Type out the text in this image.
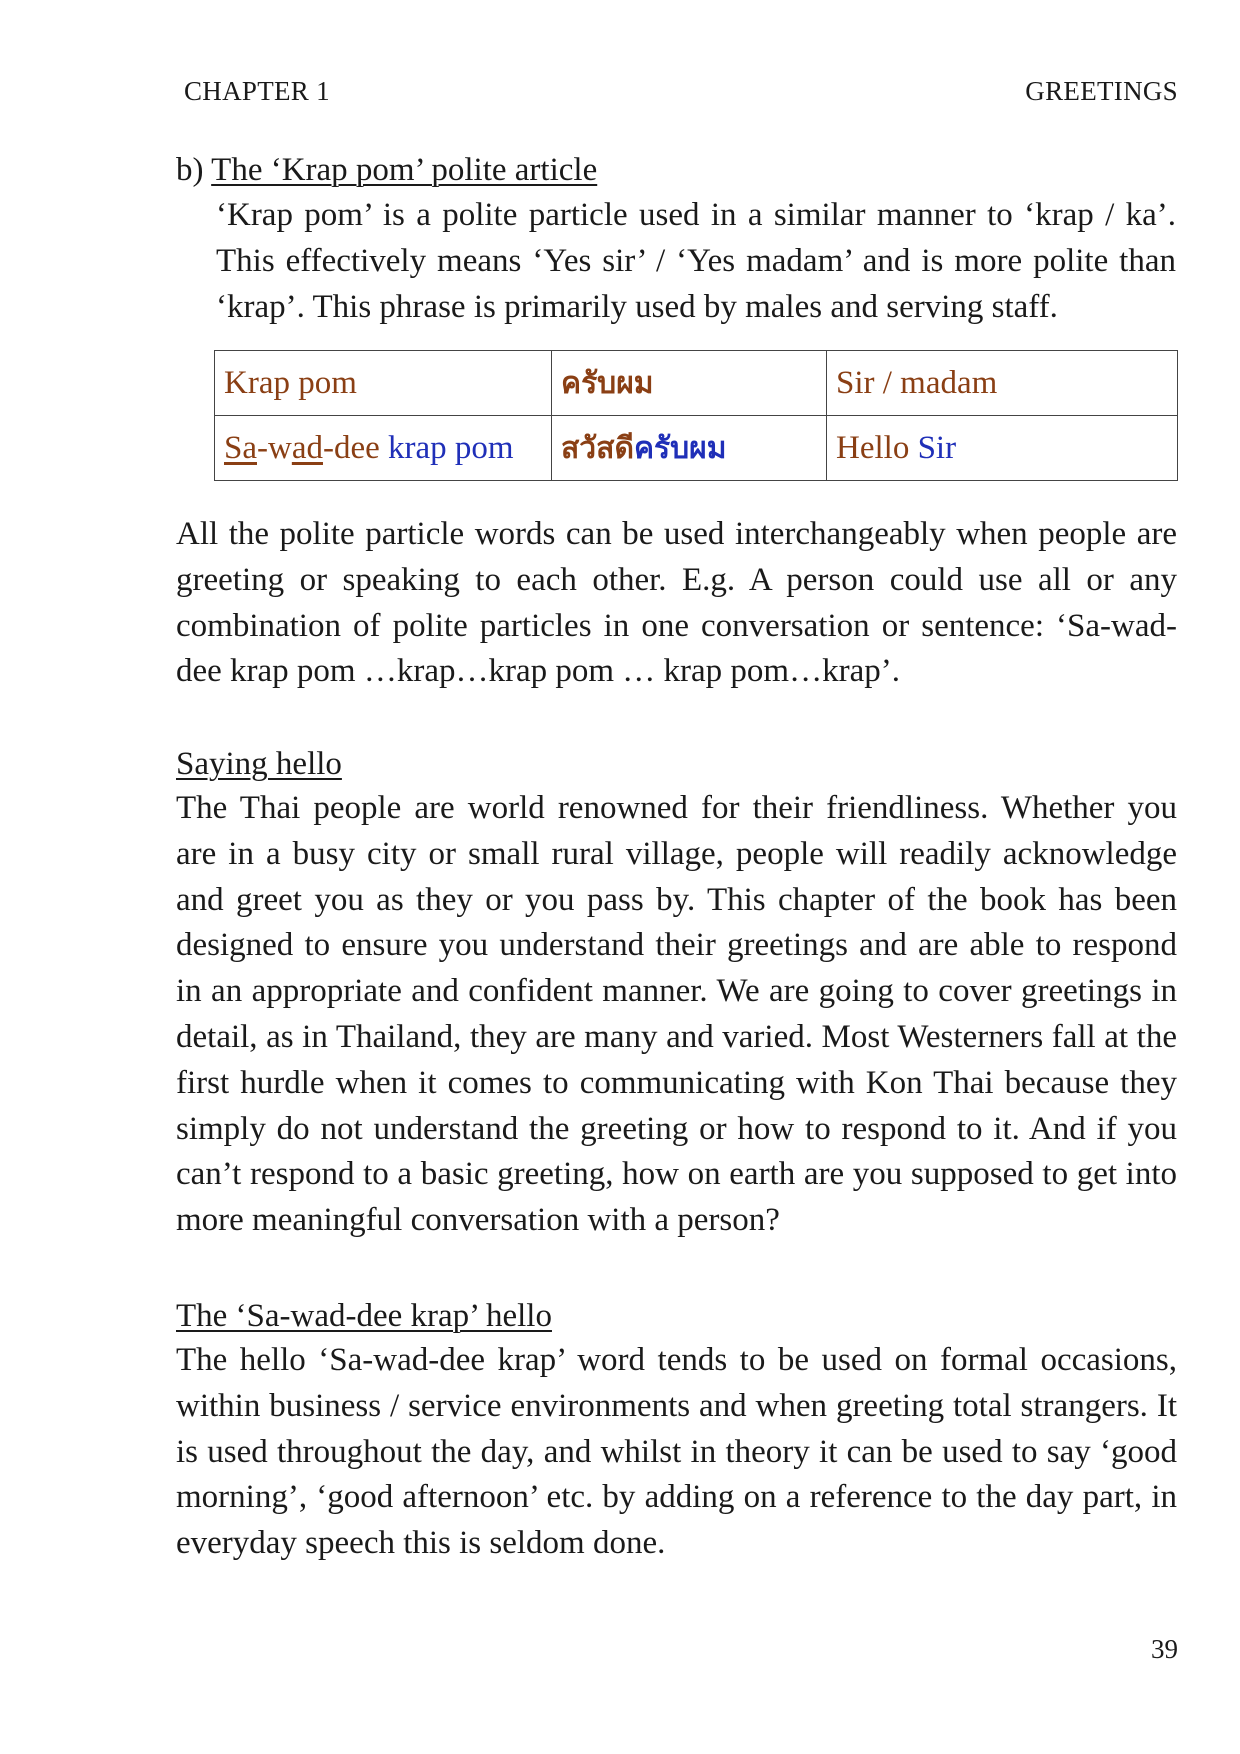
CHAPTER 1	GREETINGS
b) The ‘Krap pom’ polite article

‘Krap pom’ is a polite particle used in a similar manner to ‘krap / ka’. This effectively means ‘Yes sir’ / ‘Yes madam’ and is more polite than ‘krap’. This phrase is primarily used by males and serving staff.

Krap pom	ครับผม	Sir / madam
Sa-wad-dee krap pom	สวัสดีครับผม	Hello Sir

All the polite particle words can be used interchangeably when people are greeting or speaking to each other. E.g. A person could use all or any combination of polite particles in one conversation or sentence: ‘Sa-wad-dee krap pom …krap…krap pom … krap pom…krap’.

Saying hello

The Thai people are world renowned for their friendliness. Whether you are in a busy city or small rural village, people will readily acknowledge and greet you as they or you pass by. This chapter of the book has been designed to ensure you understand their greetings and are able to respond in an appropriate and confident manner. We are going to cover greetings in detail, as in Thailand, they are many and varied. Most Westerners fall at the first hurdle when it comes to communicating with Kon Thai because they simply do not understand the greeting or how to respond to it. And if you can’t respond to a basic greeting, how on earth are you supposed to get into more meaningful conversation with a person?

The ‘Sa-wad-dee krap’ hello

The hello ‘Sa-wad-dee krap’ word tends to be used on formal occasions, within business / service environments and when greeting total strangers. It is used throughout the day, and whilst in theory it can be used to say ‘good morning’, ‘good afternoon’ etc. by adding on a reference to the day part, in everyday speech this is seldom done.

39
